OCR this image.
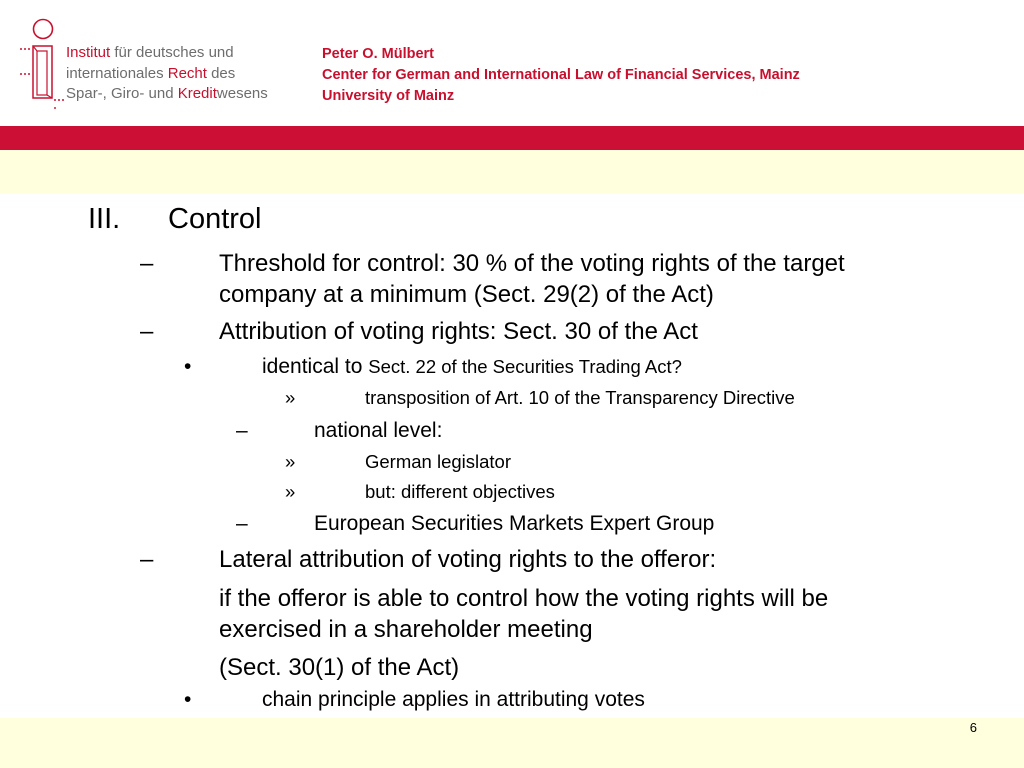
Institut für deutsches und
internationales Recht des
Spar-, Giro- und Kreditwesens
Peter O. Mülbert
Center for German and International Law of Financial Services, Mainz
University of Mainz
6
III. Control
–	Threshold for control: 30 % of the voting rights of the target
company at a minimum (Sect. 29(2) of the Act)
–	Attribution of voting rights: Sect. 30 of the Act
•	identical to Sect. 22 of the Securities Trading Act?
»	transposition of Art. 10 of the Transparency Directive
–	national level:
»	German legislator
»	but: different objectives
–	European Securities Markets Expert Group
–	Lateral attribution of voting rights to the offeror:
if the offeror is able to control how the voting rights will be
exercised in a shareholder meeting
(Sect. 30(1) of the Act)
•	chain principle applies in attributing votes
